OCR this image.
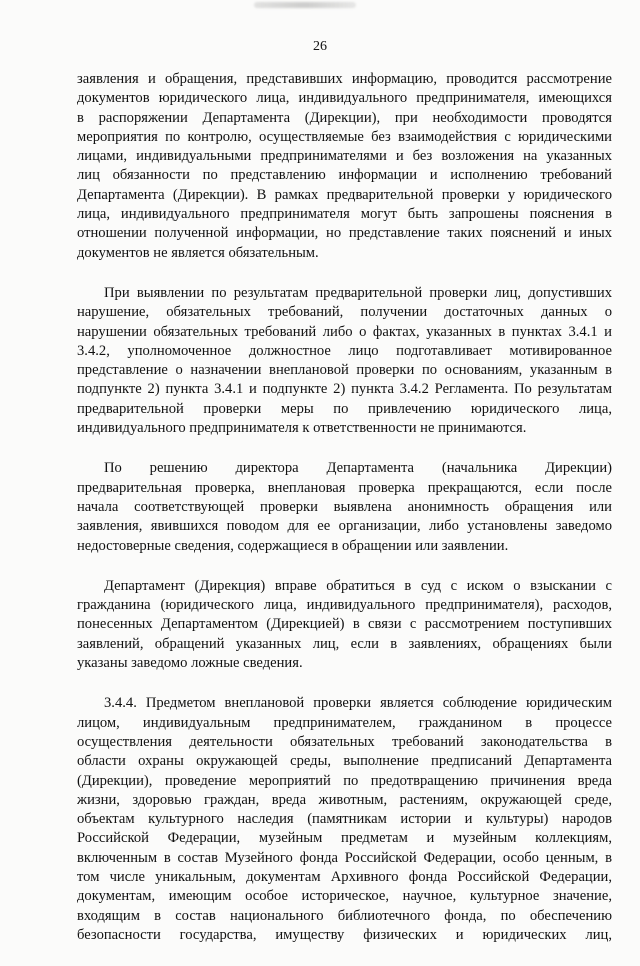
26
заявления и обращения, представивших информацию, проводится рассмотрение
документов юридического лица, индивидуального предпринимателя, имеющихся
в распоряжении Департамента (Дирекции), при необходимости проводятся
мероприятия по контролю, осуществляемые без взаимодействия с юридическими
лицами, индивидуальными предпринимателями и без возложения на указанных
лиц обязанности по представлению информации и исполнению требований
Департамента (Дирекции). В рамках предварительной проверки у юридического
лица, индивидуального предпринимателя могут быть запрошены пояснения в
отношении полученной информации, но представление таких пояснений и иных
документов не является обязательным.
При выявлении по результатам предварительной проверки лиц, допустивших
нарушение, обязательных требований, получении достаточных данных о
нарушении обязательных требований либо о фактах, указанных в пунктах 3.4.1 и
3.4.2, уполномоченное должностное лицо подготавливает мотивированное
представление о назначении внеплановой проверки по основаниям, указанным в
подпункте 2) пункта 3.4.1 и подпункте 2) пункта 3.4.2 Регламента. По результатам
предварительной проверки меры по привлечению юридического лица,
индивидуального предпринимателя к ответственности не принимаются.
По решению директора Департамента (начальника Дирекции)
предварительная проверка, внеплановая проверка прекращаются, если после
начала соответствующей проверки выявлена анонимность обращения или
заявления, явившихся поводом для ее организации, либо установлены заведомо
недостоверные сведения, содержащиеся в обращении или заявлении.
Департамент (Дирекция) вправе обратиться в суд с иском о взыскании с
гражданина (юридического лица, индивидуального предпринимателя), расходов,
понесенных Департаментом (Дирекцией) в связи с рассмотрением поступивших
заявлений, обращений указанных лиц, если в заявлениях, обращениях были
указаны заведомо ложные сведения.
3.4.4. Предметом внеплановой проверки является соблюдение юридическим
лицом, индивидуальным предпринимателем, гражданином в процессе
осуществления деятельности обязательных требований законодательства в
области охраны окружающей среды, выполнение предписаний Департамента
(Дирекции), проведение мероприятий по предотвращению причинения вреда
жизни, здоровью граждан, вреда животным, растениям, окружающей среде,
объектам культурного наследия (памятникам истории и культуры) народов
Российской Федерации, музейным предметам и музейным коллекциям,
включенным в состав Музейного фонда Российской Федерации, особо ценным, в
том числе уникальным, документам Архивного фонда Российской Федерации,
документам, имеющим особое историческое, научное, культурное значение,
входящим в состав национального библиотечного фонда, по обеспечению
безопасности государства, имуществу физических и юридических лиц,
